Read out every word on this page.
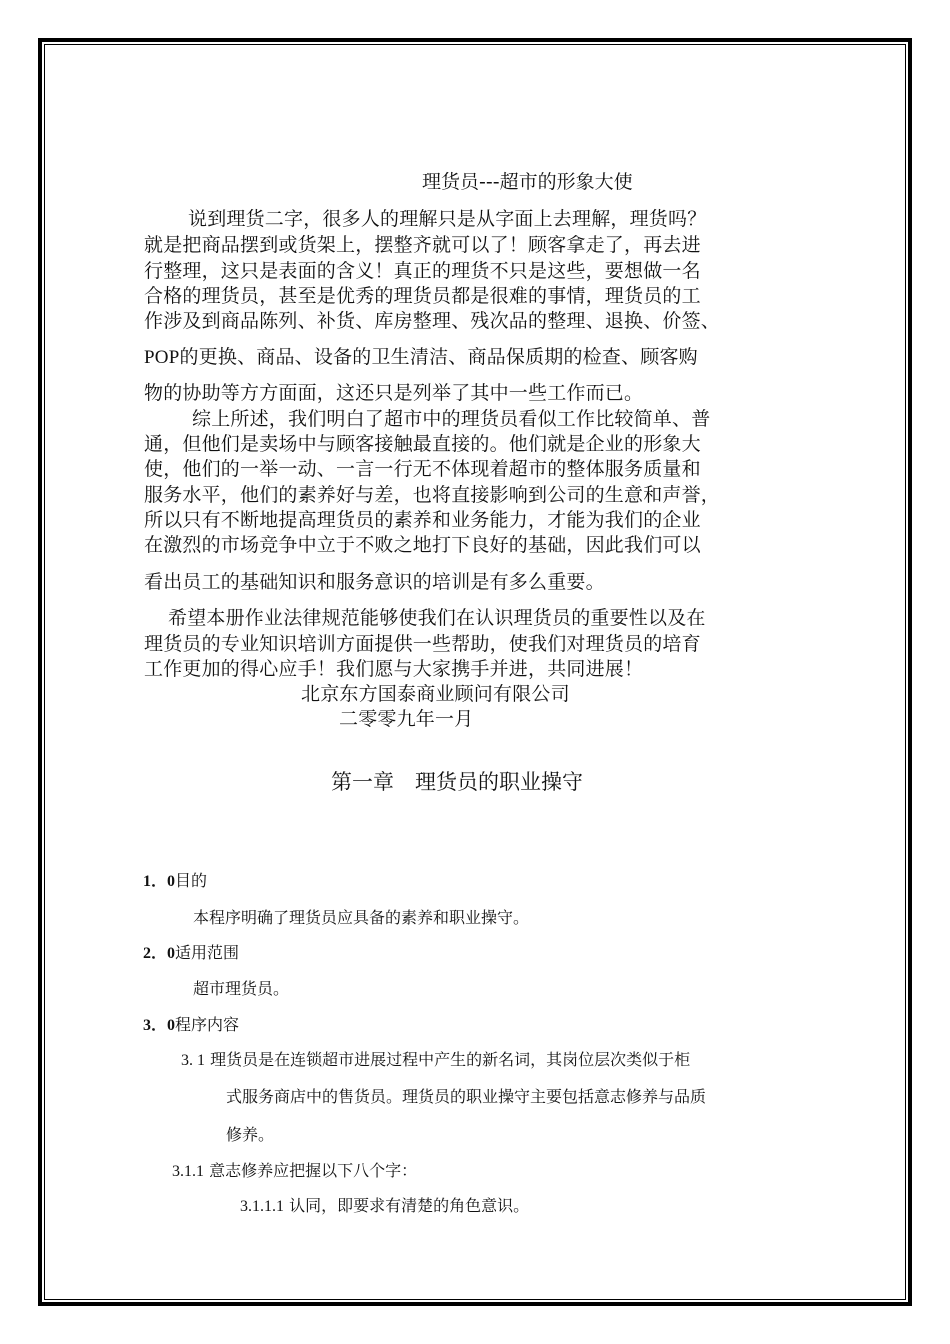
理货员---超市的形象大使
说到理货二字，很多人的理解只是从字面上去理解，理货吗？
就是把商品摆到或货架上，摆整齐就可以了！顾客拿走了，再去进
行整理，这只是表面的含义！真正的理货不只是这些，要想做一名
合格的理货员，甚至是优秀的理货员都是很难的事情，理货员的工
作涉及到商品陈列、补货、库房整理、残次品的整理、退换、价签、
POP的更换、商品、设备的卫生清洁、商品保质期的检查、顾客购
物的协助等方方面面，这还只是列举了其中一些工作而已。
综上所述，我们明白了超市中的理货员看似工作比较简单、普
通，但他们是卖场中与顾客接触最直接的。他们就是企业的形象大
使，他们的一举一动、一言一行无不体现着超市的整体服务质量和
服务水平，他们的素养好与差，也将直接影响到公司的生意和声誉，
所以只有不断地提高理货员的素养和业务能力，才能为我们的企业
在激烈的市场竞争中立于不败之地打下良好的基础，因此我们可以
看出员工的基础知识和服务意识的培训是有多么重要。
希望本册作业法律规范能够使我们在认识理货员的重要性以及在
理货员的专业知识培训方面提供一些帮助，使我们对理货员的培育
工作更加的得心应手！我们愿与大家携手并进，共同进展！
北京东方国泰商业顾问有限公司
二零零九年一月
第一章　理货员的职业操守
1．0目的
本程序明确了理货员应具备的素养和职业操守。
2．0适用范围
超市理货员。
3．0程序内容
3. 1 理货员是在连锁超市进展过程中产生的新名词，其岗位层次类似于柜
式服务商店中的售货员。理货员的职业操守主要包括意志修养与品质
修养。
3.1.1 意志修养应把握以下八个字：
3.1.1.1 认同，即要求有清楚的角色意识。
